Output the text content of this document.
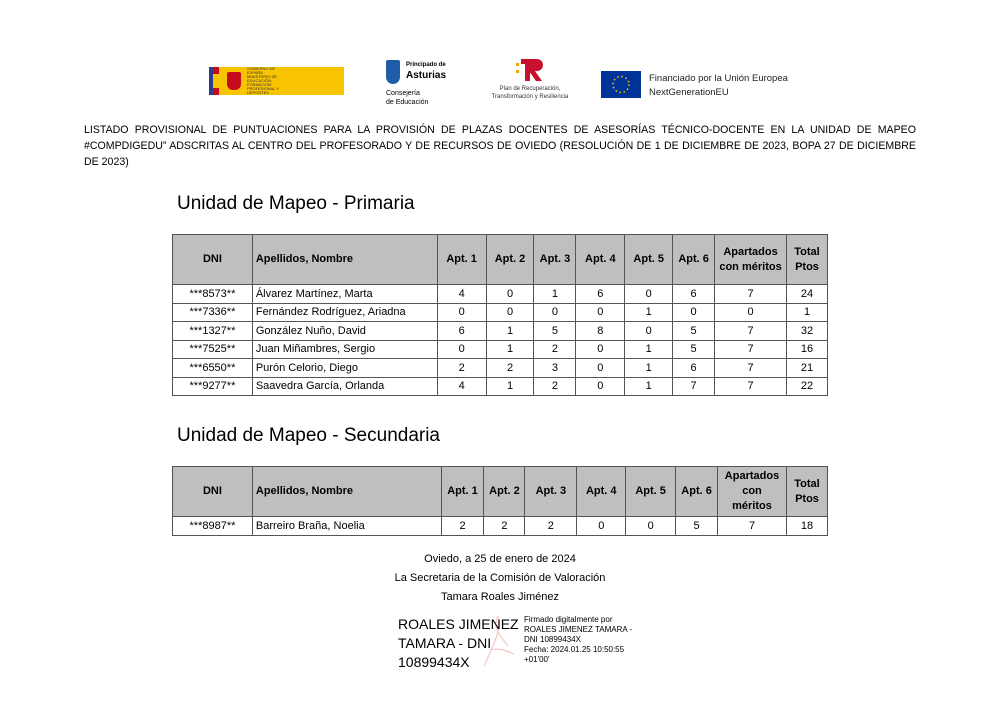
GOBIERNO DE ESPAÑA · MINISTERIO DE EDUCACIÓN, FORMACIÓN PROFESIONAL Y DEPORTES
Principado de
Asturias
Consejería
de Educación
Plan de Recuperación,
Transformación y Resiliencia
Financiado por la Unión Europea
NextGenerationEU
LISTADO PROVISIONAL DE PUNTUACIONES PARA LA PROVISIÓN DE PLAZAS DOCENTES DE ASESORÍAS TÉCNICO-DOCENTE EN LA UNIDAD DE MAPEO #COMPDIGEDU” ADSCRITAS AL CENTRO DEL PROFESORADO Y DE RECURSOS DE OVIEDO (RESOLUCIÓN DE 1 DE DICIEMBRE DE 2023, BOPA 27 DE DICIEMBRE DE 2023)
Unidad de Mapeo - Primaria
DNI	Apellidos, Nombre	Apt. 1	Apt. 2	Apt. 3	Apt. 4	Apt. 5	Apt. 6	Apartados con méritos	Total Ptos
***8573**	Álvarez Martínez, Marta	4	0	1	6	0	6	7	24
***7336**	Fernández Rodríguez, Ariadna	0	0	0	0	1	0	0	1
***1327**	González Nuño, David	6	1	5	8	0	5	7	32
***7525**	Juan Miñambres, Sergio	0	1	2	0	1	5	7	16
***6550**	Purón Celorio, Diego	2	2	3	0	1	6	7	21
***9277**	Saavedra García, Orlanda	4	1	2	0	1	7	7	22
Unidad de Mapeo - Secundaria
DNI	Apellidos, Nombre	Apt. 1	Apt. 2	Apt. 3	Apt. 4	Apt. 5	Apt. 6	Apartados con méritos	Total Ptos
***8987**	Barreiro Braña, Noelia	2	2	2	0	0	5	7	18
Oviedo, a 25 de enero de 2024
La Secretaria de la Comisión de Valoración
Tamara Roales Jiménez
ROALES JIMENEZ
TAMARA - DNI
10899434X
Firmado digitalmente por
ROALES JIMENEZ TAMARA -
DNI 10899434X
Fecha: 2024.01.25 10:50:55
+01'00'
